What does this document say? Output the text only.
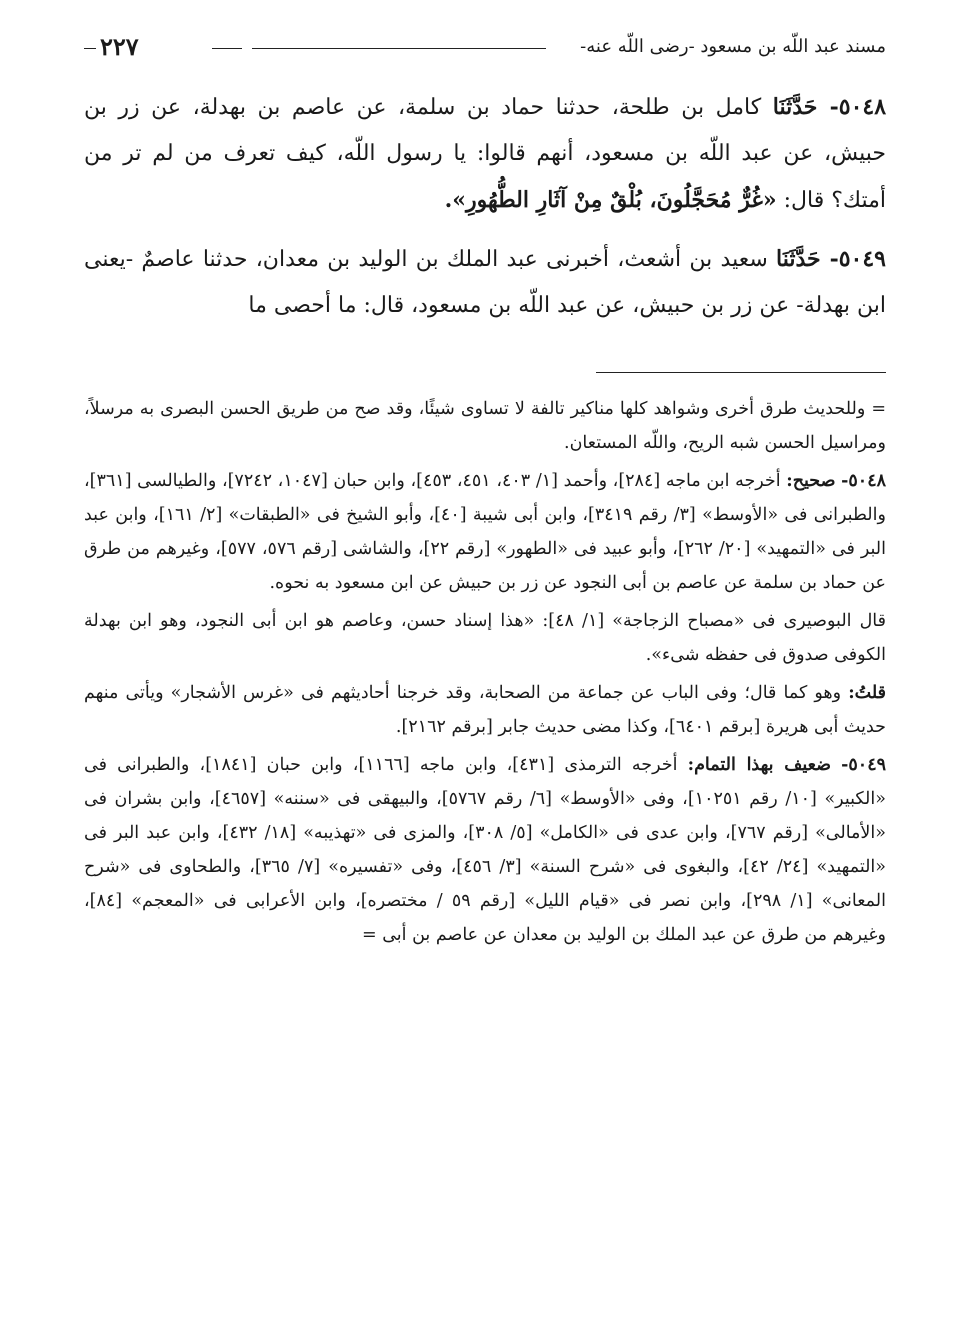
مسند عبد اللّه بن مسعود -رضى اللّه عنه-
٢٢٧

٥٠٤٨- حَدَّثَنَا كامل بن طلحة، حدثنا حماد بن سلمة، عن عاصم بن بهدلة، عن زر بن حبيش، عن عبد اللّه بن مسعود، أنهم قالوا: يا رسول اللّه، كيف تعرف من لم تر من أمتك؟ قال: «غُرٌّ مُحَجَّلُونَ، بُلْقٌ مِنْ آثَارِ الطُّهُورِ».

٥٠٤٩- حَدَّثَنَا سعيد بن أشعث، أخبرنى عبد الملك بن الوليد بن معدان، حدثنا عاصمٌ -يعنى ابن بهدلة- عن زر بن حبيش، عن عبد اللّه بن مسعود، قال: ما أحصى ما

= وللحديث طرق أخرى وشواهد كلها مناكير تالفة لا تساوى شيئًا، وقد صح من طريق الحسن البصرى به مرسلاً، ومراسيل الحسن شبه الريح، واللّه المستعان.

٥٠٤٨- صحيح: أخرجه ابن ماجه [٢٨٤]، وأحمد [١/ ٤٠٣، ٤٥١، ٤٥٣]، وابن حبان [١٠٤٧، ٧٢٤٢]، والطيالسى [٣٦١]، والطبرانى فى «الأوسط» [٣/ رقم ٣٤١٩]، وابن أبى شيبة [٤٠]، وأبو الشيخ فى «الطبقات» [٢/ ١٦١]، وابن عبد البر فى «التمهيد» [٢٠/ ٢٦٢]، وأبو عبيد فى «الطهور» [رقم ٢٢]، والشاشى [رقم ٥٧٦، ٥٧٧]، وغيرهم من طرق عن حماد بن سلمة عن عاصم بن أبى النجود عن زر بن حبيش عن ابن مسعود به نحوه.

قال البوصيرى فى «مصباح الزجاجة» [١/ ٤٨]: «هذا إسناد حسن، وعاصم هو ابن أبى النجود، وهو ابن بهدلة الكوفى صدوق فى حفظه شىء».

قلتُ: وهو كما قال؛ وفى الباب عن جماعة من الصحابة، وقد خرجنا أحاديثهم فى «غرس الأشجار» ويأتى منهم حديث أبى هريرة [برقم ٦٤٠١]، وكذا مضى حديث جابر [برقم ٢١٦٢].

٥٠٤٩- ضعيف بهذا التمام: أخرجه الترمذى [٤٣١]، وابن ماجه [١١٦٦]، وابن حبان [١٨٤١]، والطبرانى فى «الكبير» [١٠/ رقم ١٠٢٥١]، وفى «الأوسط» [٦/ رقم ٥٧٦٧]، والبيهقى فى «سننه» [٤٦٥٧]، وابن بشران فى «الأمالى» [رقم ٧٦٧]، وابن عدى فى «الكامل» [٥/ ٣٠٨]، والمزى فى «تهذيبه» [١٨/ ٤٣٢]، وابن عبد البر فى «التمهيد» [٢٤/ ٤٢]، والبغوى فى «شرح السنة» [٣/ ٤٥٦]، وفى «تفسيره» [٧/ ٣٦٥]، والطحاوى فى «شرح المعانى» [١/ ٢٩٨]، وابن نصر فى «قيام الليل» [رقم ٥٩ / مختصره]، وابن الأعرابى فى «المعجم» [٨٤]، وغيرهم من طرق عن عبد الملك بن الوليد بن معدان عن عاصم بن أبى =
